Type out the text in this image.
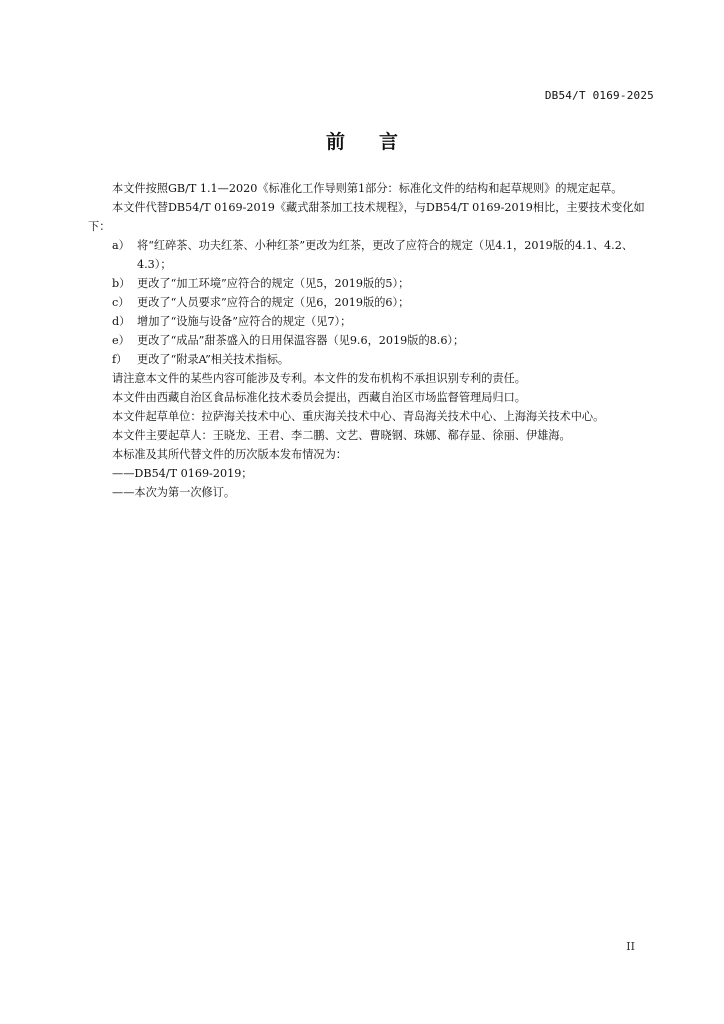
DB54/T 0169-2025
前言

本文件按照GB/T 1.1—2020《标准化工作导则第1部分：标准化文件的结构和起草规则》的规定起草。

本文件代替DB54/T 0169-2019《藏式甜茶加工技术规程》，与DB54/T 0169-2019相比，主要技术变化如下：

a） 将“红碎茶、功夫红茶、小种红茶”更改为红茶，更改了应符合的规定（见4.1，2019版的4.1、4.2、4.3）；
b） 更改了“加工环境”应符合的规定（见5，2019版的5）；
c） 更改了“人员要求”应符合的规定（见6，2019版的6）；
d） 增加了“设施与设备”应符合的规定（见7）；
e） 更改了“成品”甜茶盛入的日用保温容器（见9.6，2019版的8.6）；
f） 更改了“附录A”相关技术指标。

请注意本文件的某些内容可能涉及专利。本文件的发布机构不承担识别专利的责任。

本文件由西藏自治区食品标准化技术委员会提出，西藏自治区市场监督管理局归口。

本文件起草单位：拉萨海关技术中心、重庆海关技术中心、青岛海关技术中心、上海海关技术中心。

本文件主要起草人：王晓龙、王君、李二鹏、文艺、曹晓钢、珠娜、郗存显、徐丽、伊雄海。

本标准及其所代替文件的历次版本发布情况为：

——DB54/T 0169-2019；

——本次为第一次修订。

II
